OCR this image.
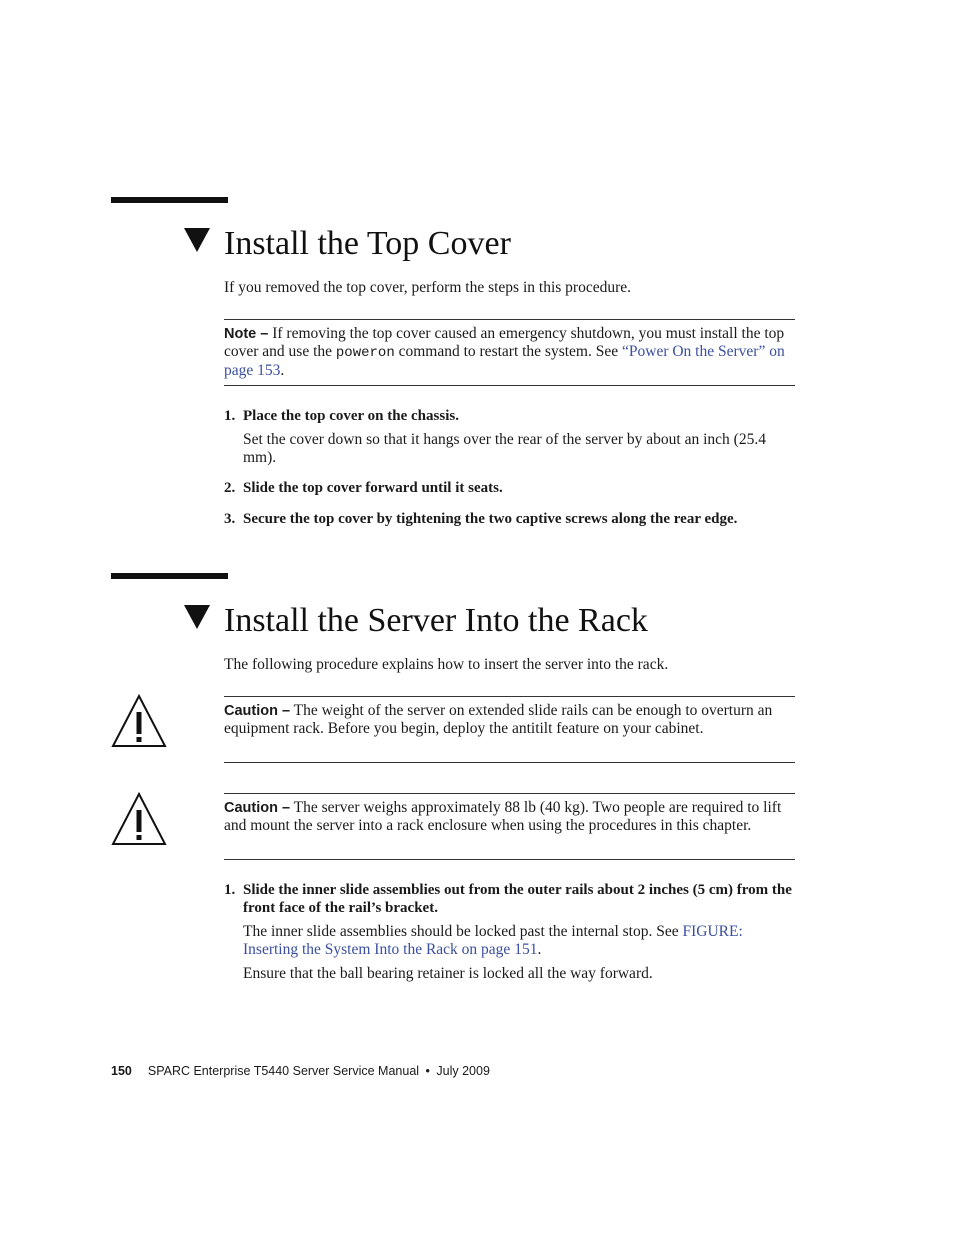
Install the Top Cover
If you removed the top cover, perform the steps in this procedure.
Note – If removing the top cover caused an emergency shutdown, you must install the top cover and use the poweron command to restart the system. See “Power On the Server” on page 153.
1. Place the top cover on the chassis.
Set the cover down so that it hangs over the rear of the server by about an inch (25.4 mm).
2. Slide the top cover forward until it seats.
3. Secure the top cover by tightening the two captive screws along the rear edge.
Install the Server Into the Rack
The following procedure explains how to insert the server into the rack.
Caution – The weight of the server on extended slide rails can be enough to overturn an equipment rack. Before you begin, deploy the antitilt feature on your cabinet.
Caution – The server weighs approximately 88 lb (40 kg). Two people are required to lift and mount the server into a rack enclosure when using the procedures in this chapter.
1. Slide the inner slide assemblies out from the outer rails about 2 inches (5 cm) from the front face of the rail’s bracket.
The inner slide assemblies should be locked past the internal stop. See FIGURE: Inserting the System Into the Rack on page 151.
Ensure that the ball bearing retainer is locked all the way forward.
150 SPARC Enterprise T5440 Server Service Manual • July 2009
